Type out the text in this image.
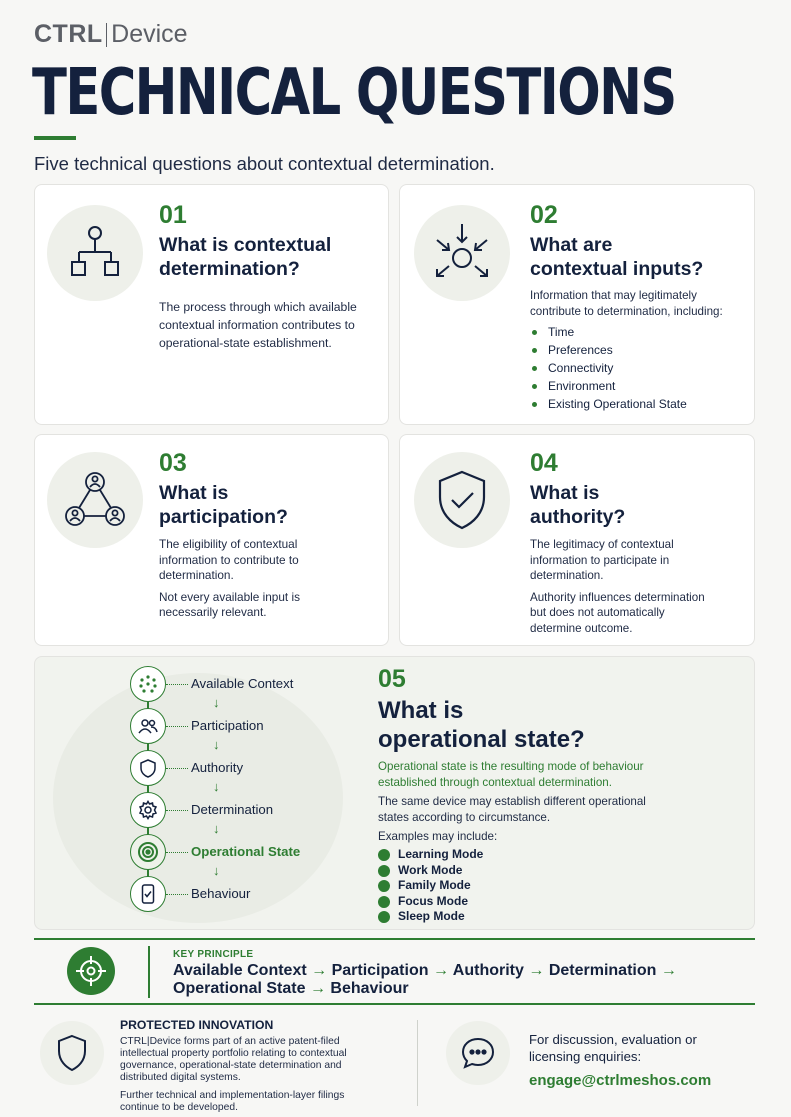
CTRL Device
TECHNICAL QUESTIONS
Five technical questions about contextual determination.
01
What is contextual
determination?
The process through which available contextual information contributes to operational-state establishment.
02
What are
contextual inputs?
Information that may legitimately contribute to determination, including:
Time
Preferences
Connectivity
Environment
Existing Operational State
03
What is
participation?

The eligibility of contextual information to contribute to determination.

Not every available input is necessarily relevant.

04
What is
authority?

The legitimacy of contextual information to participate in determination.

Authority influences determination but does not automatically determine outcome.

Available Context
↓
Participation
↓
Authority
↓
Determination
↓
Operational State
↓
Behaviour
05
What is
operational state?
Operational state is the resulting mode of behaviour established through contextual determination.
The same device may establish different operational states according to circumstance.
Examples may include:
Learning Mode
Work Mode
Family Mode
Focus Mode
Sleep Mode
KEY PRINCIPLE
Available Context → Participation → Authority → Determination →
Operational State → Behaviour
PROTECTED INNOVATION

CTRL|Device forms part of an active patent-filed intellectual property portfolio relating to contextual governance, operational-state determination and distributed digital systems.

Further technical and implementation-layer filings continue to be developed.

For discussion, evaluation or licensing enquiries:
engage@ctrlmeshos.com
